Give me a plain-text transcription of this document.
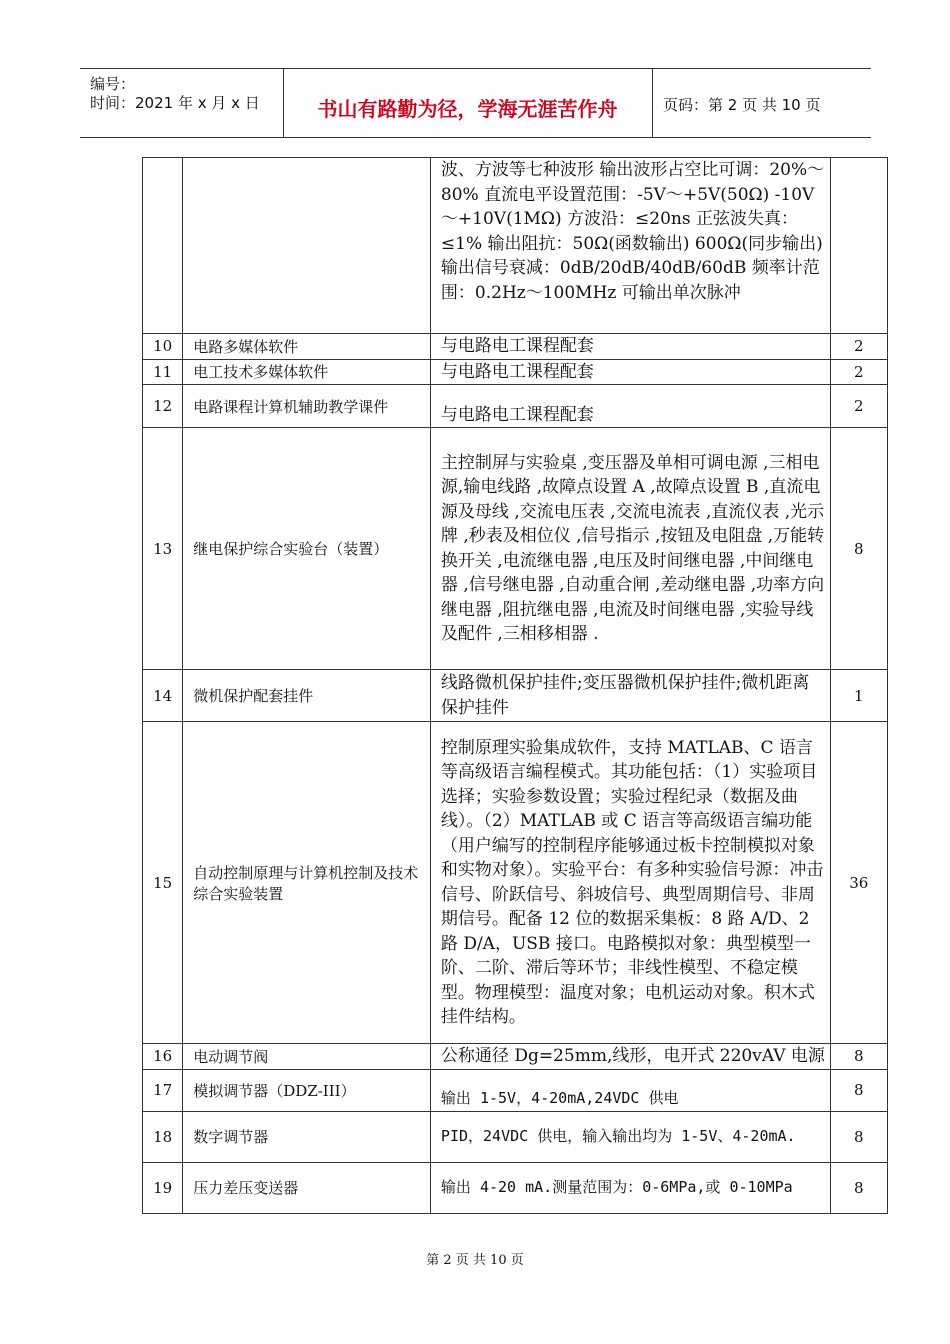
编号：
时间：2021 年 x 月 x 日	书山有路勤为径，学海无涯苦作舟	页码：第 2 页 共 10 页
		波、方波等七种波形 输出波形占空比可调：20%～80% 直流电平设置范围：-5V～+5V(50Ω) -10V～+10V(1MΩ) 方波沿：≤20ns 正弦波失真：≤1% 输出阻抗：50Ω(函数输出) 600Ω(同步输出) 输出信号衰减：0dB/20dB/40dB/60dB 频率计范围：0.2Hz～100MHz 可输出单次脉冲	
10	电路多媒体软件	与电路电工课程配套	2
11	电工技术多媒体软件	与电路电工课程配套	2
12	电路课程计算机辅助教学课件	与电路电工课程配套	2
13	继电保护综合实验台（装置）	主控制屏与实验桌 ,变压器及单相可调电源 ,三相电源,输电线路 ,故障点设置 A ,故障点设置 B ,直流电源及母线 ,交流电压表 ,交流电流表 ,直流仪表 ,光示牌 ,秒表及相位仪 ,信号指示 ,按钮及电阻盘 ,万能转换开关 ,电流继电器 ,电压及时间继电器 ,中间继电器 ,信号继电器 ,自动重合闸 ,差动继电器 ,功率方向继电器 ,阻抗继电器 ,电流及时间继电器 ,实验导线及配件 ,三相移相器 .	8
14	微机保护配套挂件	线路微机保护挂件;变压器微机保护挂件;微机距离保护挂件	1
15	自动控制原理与计算机控制及技术综合实验装置	控制原理实验集成软件，支持 MATLAB、C 语言等高级语言编程模式。其功能包括：（1）实验项目选择；实验参数设置；实验过程纪录（数据及曲线）。（2）MATLAB 或 C 语言等高级语言编功能（用户编写的控制程序能够通过板卡控制模拟对象和实物对象）。实验平台：有多种实验信号源：冲击信号、阶跃信号、斜坡信号、典型周期信号、非周期信号。配备 12 位的数据采集板：8 路 A/D、2 路 D/A，USB 接口。电路模拟对象：典型模型一阶、二阶、滞后等环节；非线性模型、不稳定模型。物理模型：温度对象；电机运动对象。积木式挂件结构。	36
16	电动调节阀	公称通径 Dg=25mm,线形，电开式 220vAV 电源	8
17	模拟调节器（DDZ-III）	输出 1-5V，4-20mA,24VDC 供电	8
18	数字调节器	PID，24VDC 供电，输入输出均为 1-5V、4-20mA.	8
19	压力差压变送器	输出 4-20 mA.测量范围为：0-6MPa,或 0-10MPa	8
第 2 页 共 10 页
